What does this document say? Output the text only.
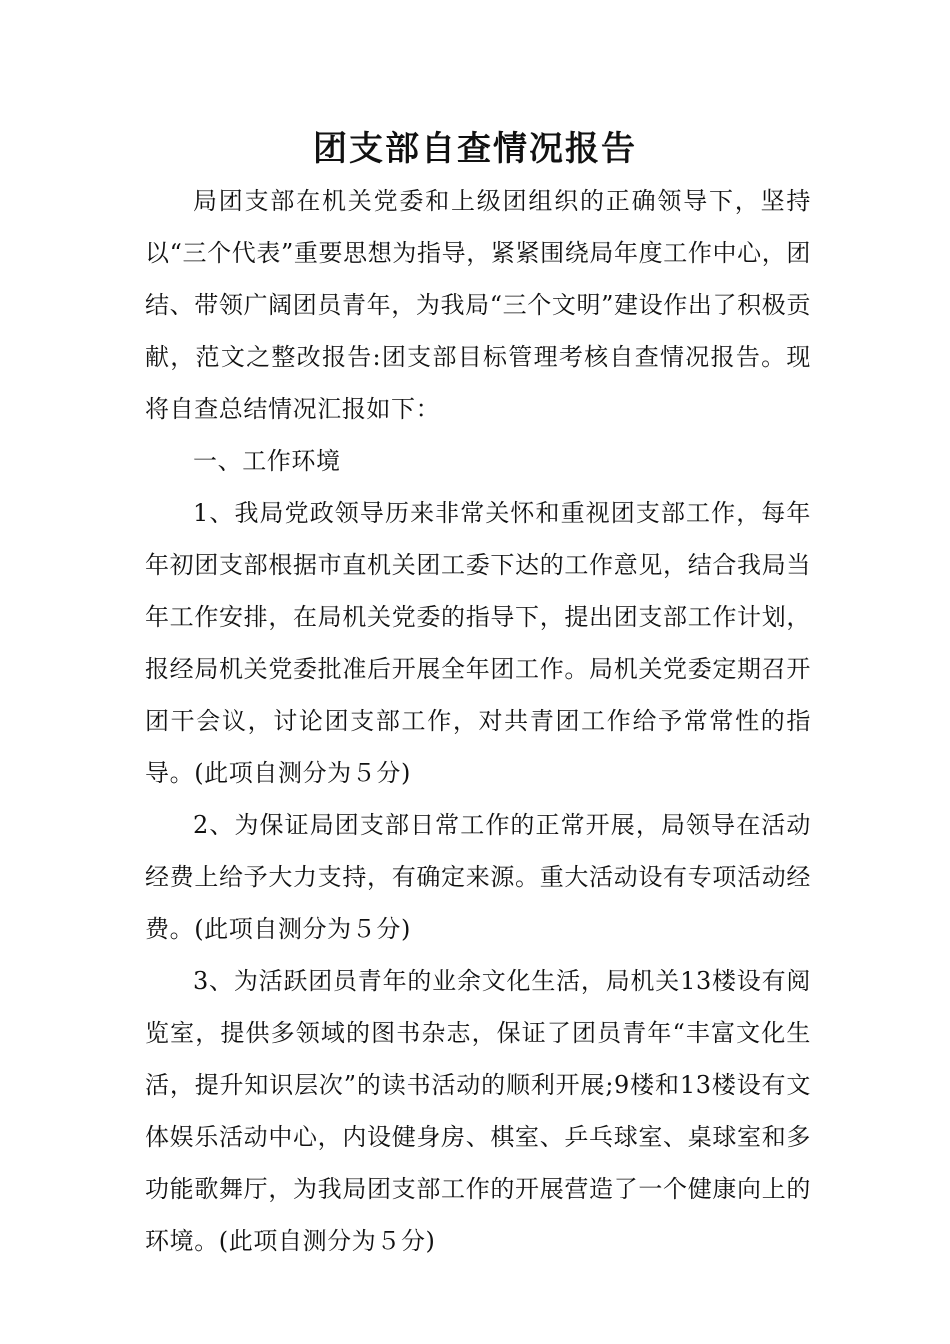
团支部自查情况报告

局团支部在机关党委和上级团组织的正确领导下，坚持以“三个代表”重要思想为指导，紧紧围绕局年度工作中心，团结、带领广阔团员青年，为我局“三个文明”建设作出了积极贡献，范文之整改报告:团支部目标管理考核自查情况报告。现将自查总结情况汇报如下：

一、工作环境

1、我局党政领导历来非常关怀和重视团支部工作，每年年初团支部根据市直机关团工委下达的工作意见，结合我局当年工作安排，在局机关党委的指导下，提出团支部工作计划，报经局机关党委批准后开展全年团工作。局机关党委定期召开团干会议，讨论团支部工作，对共青团工作给予常常性的指导。(此项自测分为５分)

2、为保证局团支部日常工作的正常开展，局领导在活动经费上给予大力支持，有确定来源。重大活动设有专项活动经费。(此项自测分为５分)

3、为活跃团员青年的业余文化生活，局机关13楼设有阅览室，提供多领域的图书杂志，保证了团员青年“丰富文化生活，提升知识层次”的读书活动的顺利开展;9楼和13楼设有文体娱乐活动中心，内设健身房、棋室、乒乓球室、桌球室和多功能歌舞厅，为我局团支部工作的开展营造了一个健康向上的环境。(此项自测分为５分)
